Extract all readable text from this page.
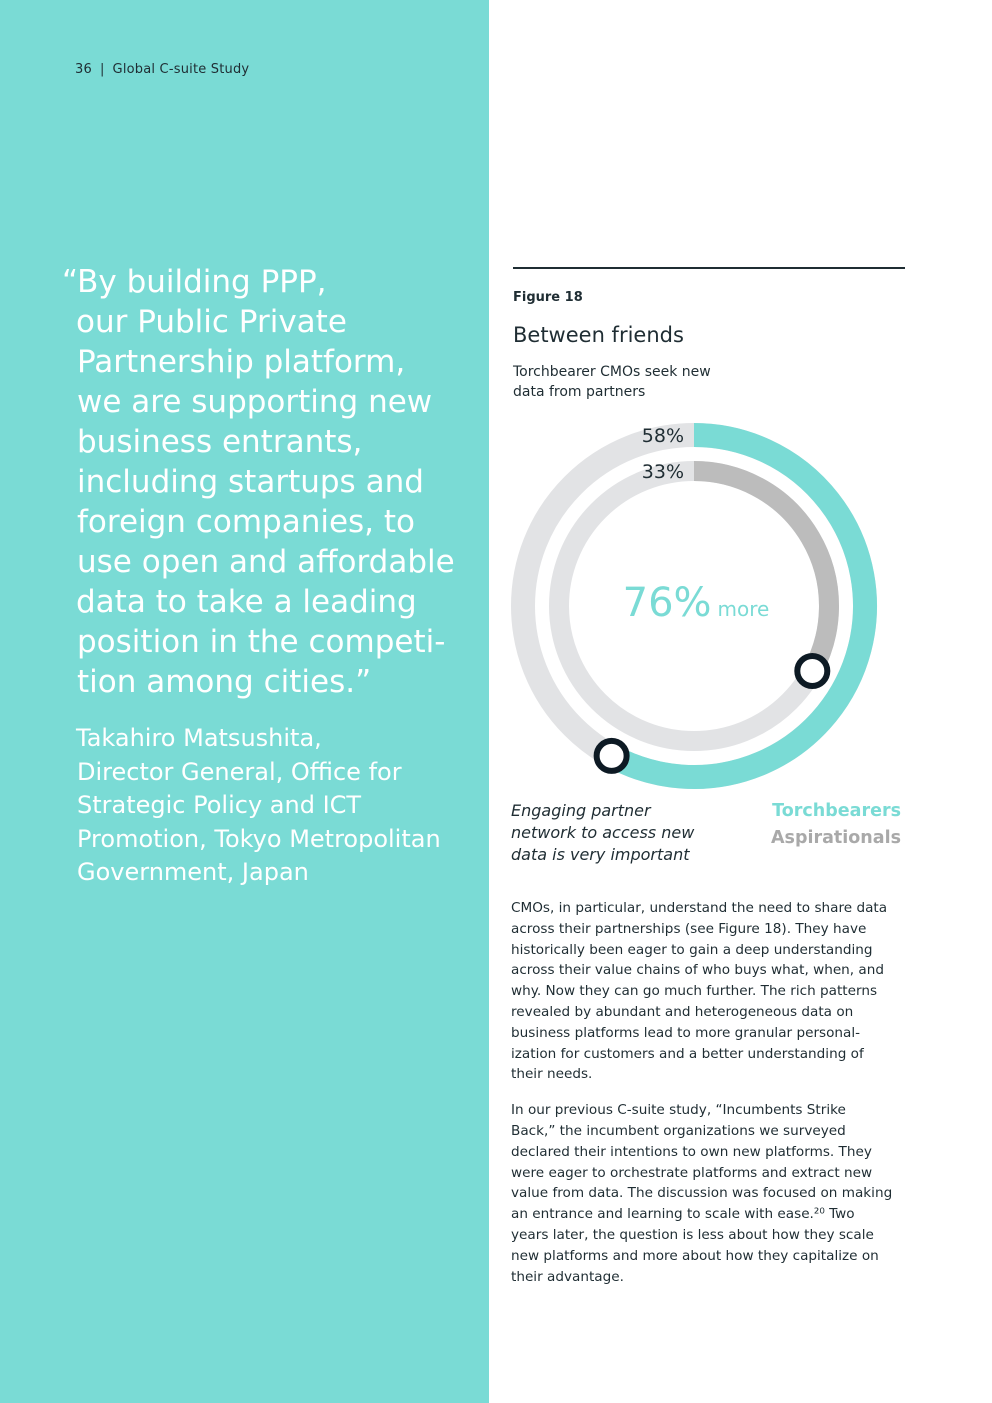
36 | Global C-suite Study
“By building PPP,
our Public Private
Partnership platform,
we are supporting new
business entrants,
including startups and
foreign companies, to
use open and affordable
data to take a leading
position in the competi-
tion among cities.”
Takahiro Matsushita,
Director General, Office for
Strategic Policy and ICT
Promotion, Tokyo Metropolitan
Government, Japan
Figure 18
Between friends
Torchbearer CMOs seek new
data from partners
58%
33%
76% more
Engaging partner
network to access new
data is very important
Torchbearers
Aspirationals

CMOs, in particular, understand the need to share data
across their partnerships (see Figure 18). They have
historically been eager to gain a deep understanding
across their value chains of who buys what, when, and
why. Now they can go much further. The rich patterns
revealed by abundant and heterogeneous data on
business platforms lead to more granular personal-
ization for customers and a better understanding of
their needs.

In our previous C-suite study, “Incumbents Strike
Back,” the incumbent organizations we surveyed
declared their intentions to own new platforms. They
were eager to orchestrate platforms and extract new
value from data. The discussion was focused on making
an entrance and learning to scale with ease.²⁰ Two
years later, the question is less about how they scale
new platforms and more about how they capitalize on
their advantage.
